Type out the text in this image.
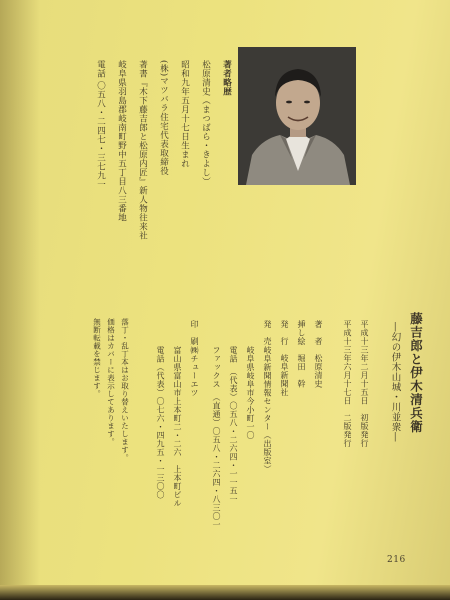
著者略歴
松原清史（まつばら・きよし）
昭和九年五月十七日生まれ
(株)マツバラ住宅代表取締役
著書『木下藤吉郎と松原内匠』新人物往来社
岐阜県羽島郡岐南町野中五丁目八三番地
電話 〇五八・二四七・三七九一
藤吉郎と伊木清兵衛
―幻の伊木山城・川並衆―
平成十三年二月十五日　初版発行
平成十三年六月十七日　二版発行
著　者　松原清史
挿し絵　堀田　幹
発　行　岐阜新聞社
発　売
岐阜新聞情報センター（出版室）
岐阜県岐阜市今小町一〇
電話　（代表）〇五八・二六四・一一五一
ファックス　（直通）〇五八・二六四・八三〇一
印　刷
㈱チューエツ
富山県富山市上本町二・二六　上本町ビル
電話（代表）〇七六・四九五・一三〇〇
落丁・乱丁本はお取り替えいたします。
価格はカバーに表示してあります。
無断転載を禁じます。
216
